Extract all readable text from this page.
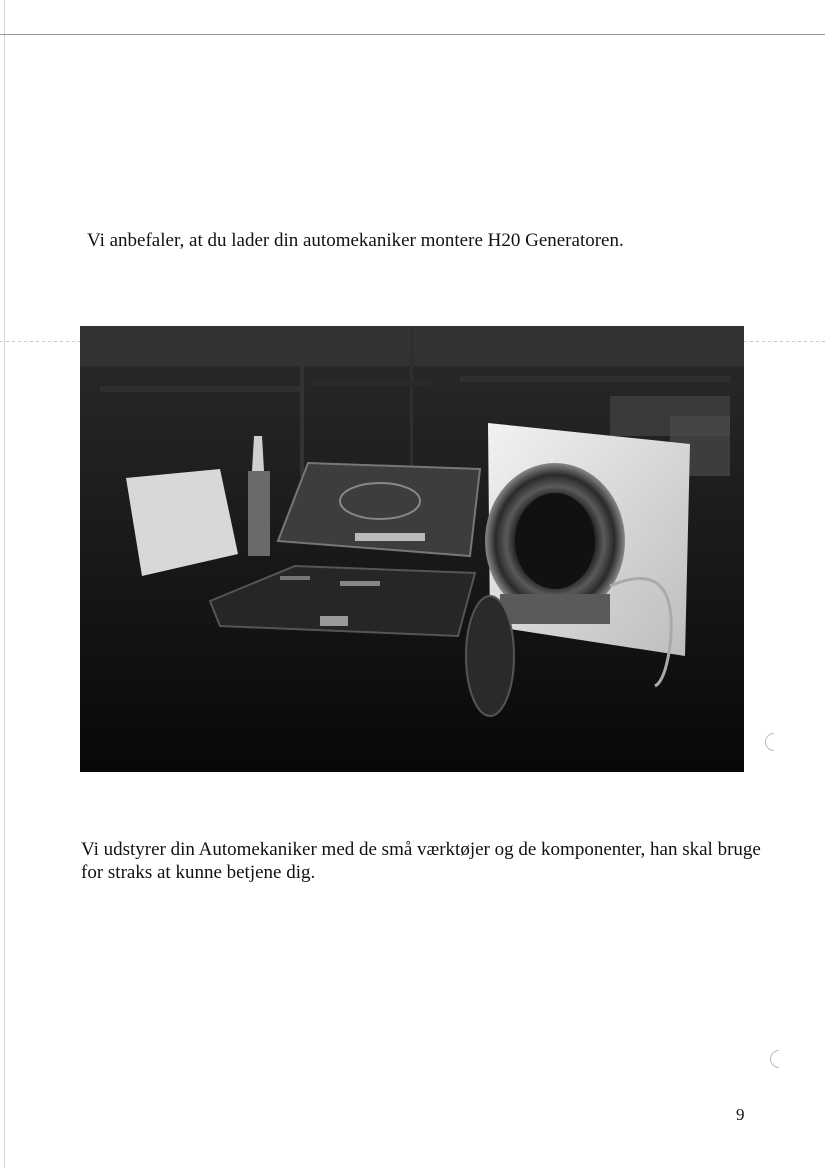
Vi anbefaler, at du lader din automekaniker montere H20 Generatoren.
Vi udstyrer din Automekaniker med de små værktøjer og de komponenter, han skal bruge for straks at kunne betjene dig.
9
